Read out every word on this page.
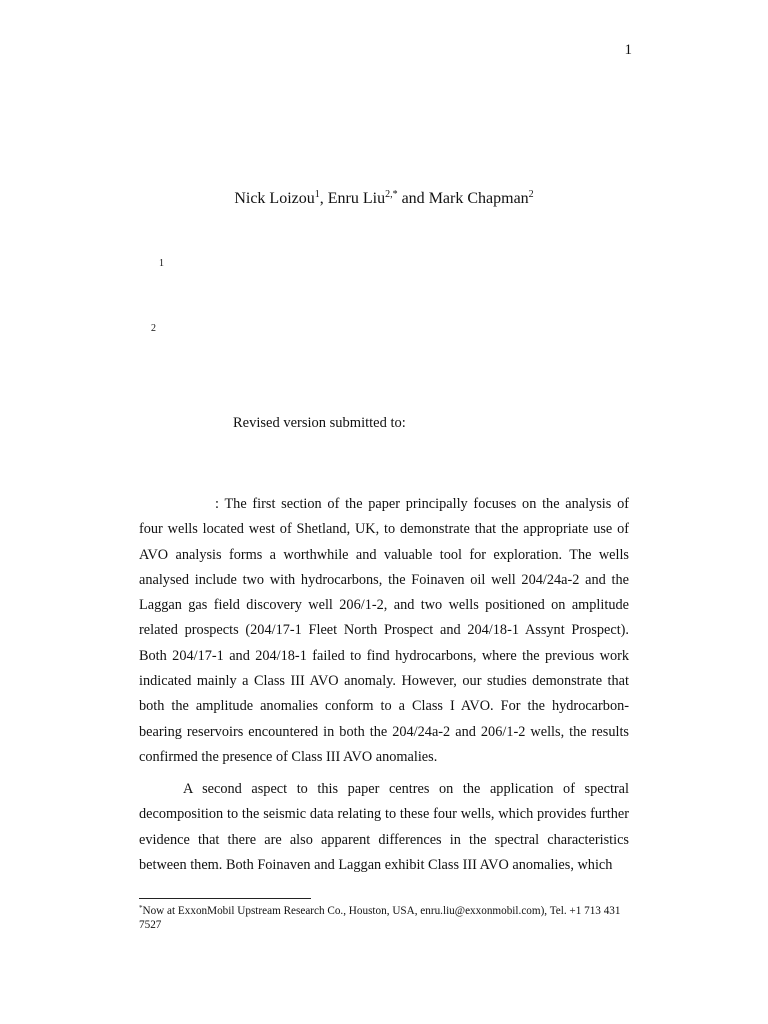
1
Nick Loizou$^1$, Enru Liu$^{2,*}$ and Mark Chapman$^2$
1
2
Revised version submitted to:

: The first section of the paper principally focuses on the analysis of four wells located west of Shetland, UK, to demonstrate that the appropriate use of AVO analysis forms a worthwhile and valuable tool for exploration. The wells analysed include two with hydrocarbons, the Foinaven oil well 204/24a-2 and the Laggan gas field discovery well 206/1-2, and two wells positioned on amplitude related prospects (204/17-1 Fleet North Prospect and 204/18-1 Assynt Prospect). Both 204/17-1 and 204/18-1 failed to find hydrocarbons, where the previous work indicated mainly a Class III AVO anomaly. However, our studies demonstrate that both the amplitude anomalies conform to a Class I AVO. For the hydrocarbon-bearing reservoirs encountered in both the 204/24a-2 and 206/1-2 wells, the results confirmed the presence of Class III AVO anomalies.

A second aspect to this paper centres on the application of spectral decomposition to the seismic data relating to these four wells, which provides further evidence that there are also apparent differences in the spectral characteristics between them. Both Foinaven and Laggan exhibit Class III AVO anomalies, which

*Now at ExxonMobil Upstream Research Co., Houston, USA, enru.liu@exxonmobil.com), Tel. +1 713 431 7527
